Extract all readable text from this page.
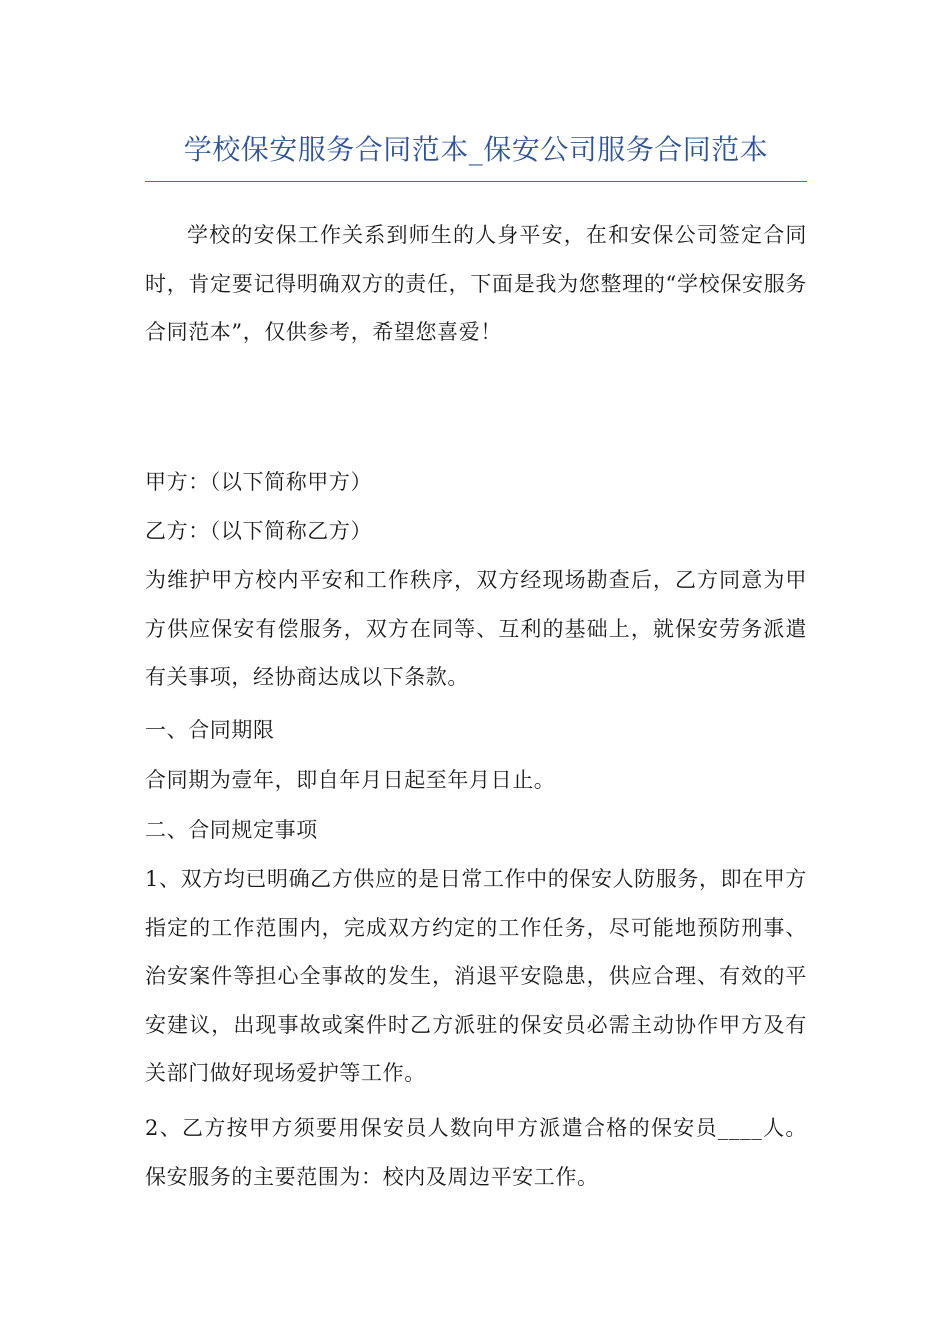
学校保安服务合同范本_保安公司服务合同范本

学校的安保工作关系到师生的人身平安，在和安保公司签定合同时，肯定要记得明确双方的责任，下面是我为您整理的“学校保安服务合同范本”，仅供参考，希望您喜爱！

甲方：（以下简称甲方）

乙方：（以下简称乙方）

为维护甲方校内平安和工作秩序，双方经现场勘查后，乙方同意为甲方供应保安有偿服务，双方在同等、互利的基础上，就保安劳务派遣有关事项，经协商达成以下条款。

一、合同期限

合同期为壹年，即自年月日起至年月日止。

二、合同规定事项

1、双方均已明确乙方供应的是日常工作中的保安人防服务，即在甲方指定的工作范围内，完成双方约定的工作任务，尽可能地预防刑事、治安案件等担心全事故的发生，消退平安隐患，供应合理、有效的平安建议，出现事故或案件时乙方派驻的保安员必需主动协作甲方及有关部门做好现场爱护等工作。

2、乙方按甲方须要用保安员人数向甲方派遣合格的保安员____人。保安服务的主要范围为：校内及周边平安工作。
